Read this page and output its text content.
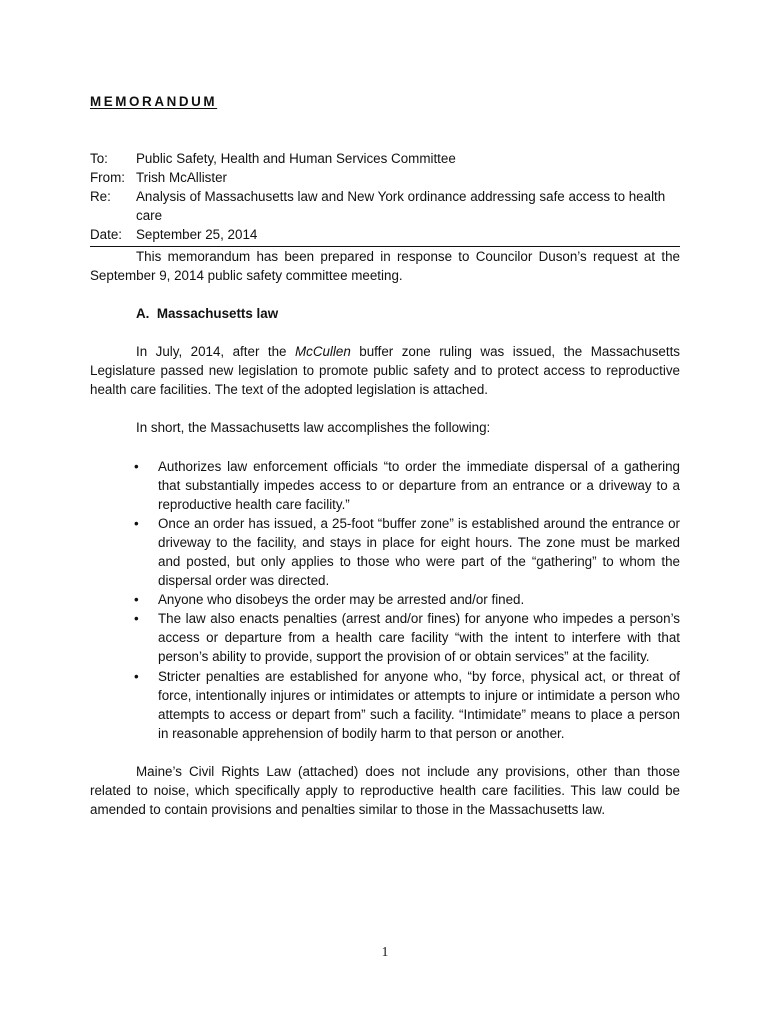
MEMORANDUM
To:	Public Safety, Health and Human Services Committee
From: Trish McAllister
Re:	Analysis of Massachusetts law and New York ordinance addressing safe access to health care
Date:	September 25, 2014

This memorandum has been prepared in response to Councilor Duson’s request at the September 9, 2014 public safety committee meeting.

A.  Massachusetts law

In July, 2014, after the McCullen buffer zone ruling was issued, the Massachusetts Legislature passed new legislation to promote public safety and to protect access to reproductive health care facilities. The text of the adopted legislation is attached.

In short, the Massachusetts law accomplishes the following:

• Authorizes law enforcement officials “to order the immediate dispersal of a gathering that substantially impedes access to or departure from an entrance or a driveway to a reproductive health care facility.”
• Once an order has issued, a 25-foot “buffer zone” is established around the entrance or driveway to the facility, and stays in place for eight hours. The zone must be marked and posted, but only applies to those who were part of the “gathering” to whom the dispersal order was directed.
• Anyone who disobeys the order may be arrested and/or fined.
• The law also enacts penalties (arrest and/or fines) for anyone who impedes a person’s access or departure from a health care facility “with the intent to interfere with that person’s ability to provide, support the provision of or obtain services” at the facility.
• Stricter penalties are established for anyone who, “by force, physical act, or threat of force, intentionally injures or intimidates or attempts to injure or intimidate a person who attempts to access or depart from” such a facility. “Intimidate” means to place a person in reasonable apprehension of bodily harm to that person or another.

Maine’s Civil Rights Law (attached) does not include any provisions, other than those related to noise, which specifically apply to reproductive health care facilities. This law could be amended to contain provisions and penalties similar to those in the Massachusetts law.

1
